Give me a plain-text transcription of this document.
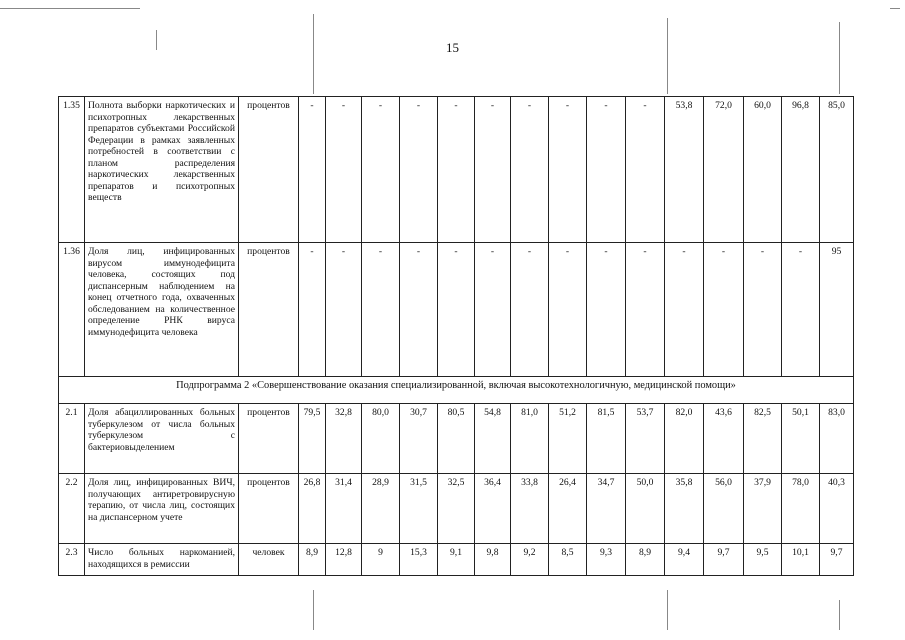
15
1.35	Полнота выборки наркотических и психотропных лекарственных препаратов субъектами Российской Федерации в рамках заявленных потребностей в соответствии с планом распределения наркотических лекарственных препаратов и психотропных веществ	процентов	-	-	-	-	-	-	-	-	-	-	53,8	72,0	60,0	96,8	85,0
1.36	Доля лиц, инфицированных вирусом иммунодефицита человека, состоящих под диспансерным наблюдением на конец отчетного года, охваченных обследованием на количественное определение РНК вируса иммунодефицита человека	процентов	-	-	-	-	-	-	-	-	-	-	-	-	-	-	95
Подпрограмма 2 «Совершенствование оказания специализированной, включая высокотехнологичную, медицинской помощи»																	
2.1	Доля абациллированных больных туберкулезом от числа больных туберкулезом с бактериовыделением	процентов	79,5	32,8	80,0	30,7	80,5	54,8	81,0	51,2	81,5	53,7	82,0	43,6	82,5	50,1	83,0
2.2	Доля лиц, инфицированных ВИЧ, получающих антиретровирусную терапию, от числа лиц, состоящих на диспансерном учете	процентов	26,8	31,4	28,9	31,5	32,5	36,4	33,8	26,4	34,7	50,0	35,8	56,0	37,9	78,0	40,3
2.3	Число больных наркоманией, находящихся в ремиссии	человек	8,9	12,8	9	15,3	9,1	9,8	9,2	8,5	9,3	8,9	9,4	9,7	9,5	10,1	9,7
